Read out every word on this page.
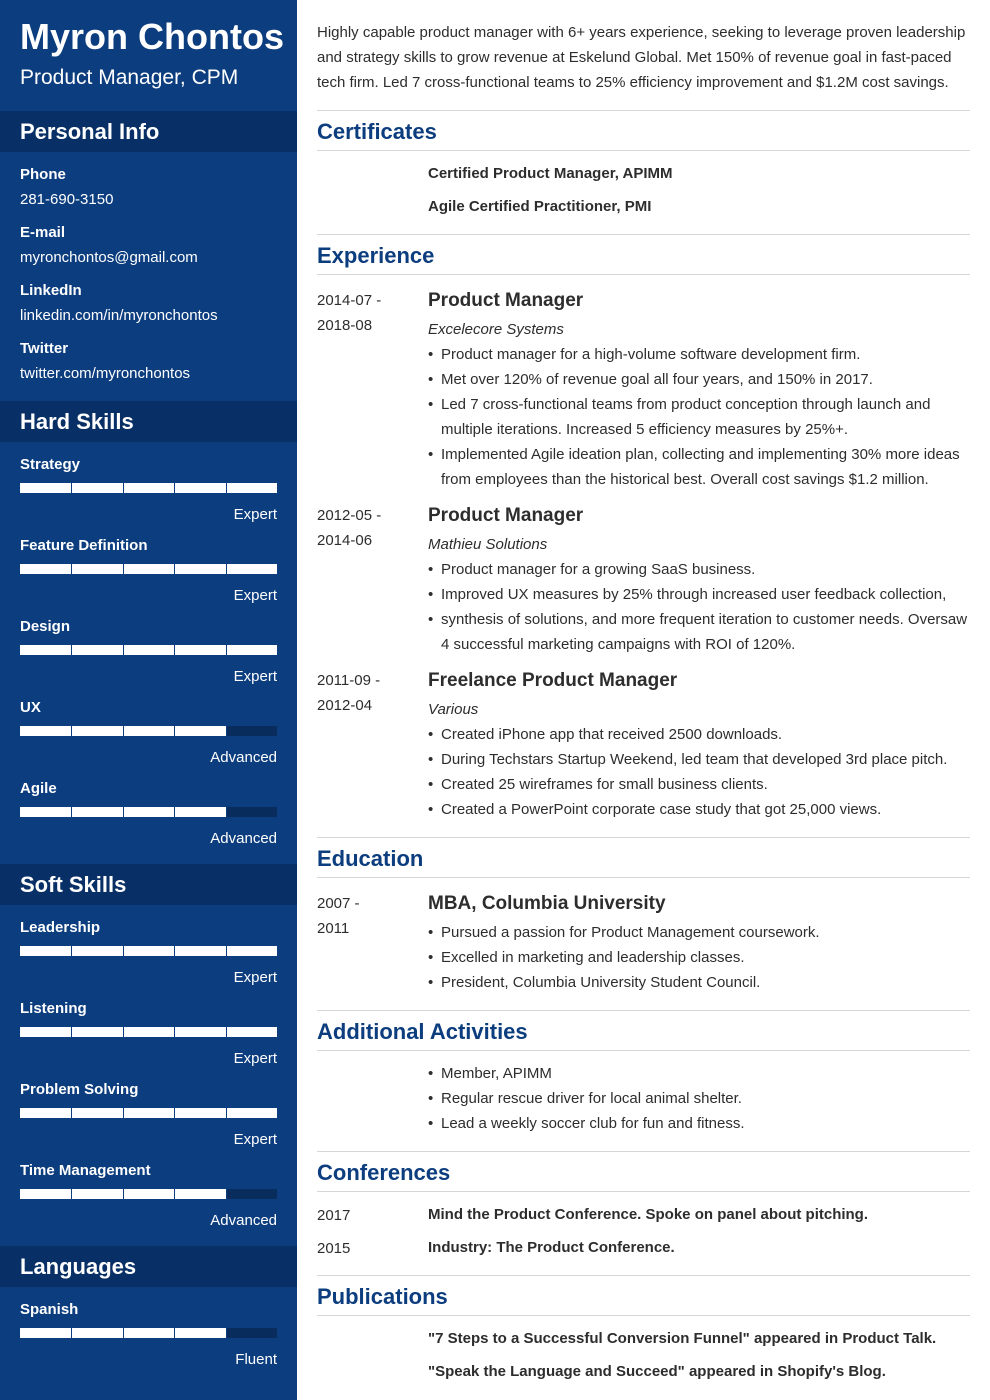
Myron Chontos
Product Manager, CPM
Personal Info
Phone
281-690-3150
E-mail
myronchontos@gmail.com
LinkedIn
linkedin.com/in/myronchontos
Twitter
twitter.com/myronchontos
Hard Skills
Strategy
Expert
Feature Definition
Expert
Design
Expert
UX
Advanced
Agile
Advanced
Soft Skills
Leadership
Expert
Listening
Expert
Problem Solving
Expert
Time Management
Advanced
Languages
Spanish
Fluent
Highly capable product manager with 6+ years experience, seeking to leverage proven leadership and strategy skills to grow revenue at Eskelund Global. Met 150% of revenue goal in fast-paced tech firm. Led 7 cross-functional teams to 25% efficiency improvement and $1.2M cost savings.
Certificates
Certified Product Manager, APIMM
Agile Certified Practitioner, PMI
Experience
2014-07 -
2018-08
Product Manager
Excelecore Systems
• Product manager for a high-volume software development firm.
• Met over 120% of revenue goal all four years, and 150% in 2017.
• Led 7 cross-functional teams from product conception through launch and multiple iterations. Increased 5 efficiency measures by 25%+.
• Implemented Agile ideation plan, collecting and implementing 30% more ideas from employees than the historical best. Overall cost savings $1.2 million.
2012-05 -
2014-06
Product Manager
Mathieu Solutions
• Product manager for a growing SaaS business.
• Improved UX measures by 25% through increased user feedback collection,
• synthesis of solutions, and more frequent iteration to customer needs. Oversaw 4 successful marketing campaigns with ROI of 120%.
2011-09 -
2012-04
Freelance Product Manager
Various
• Created iPhone app that received 2500 downloads.
• During Techstars Startup Weekend, led team that developed 3rd place pitch.
• Created 25 wireframes for small business clients.
• Created a PowerPoint corporate case study that got 25,000 views.
Education
2007 -
2011
MBA, Columbia University
• Pursued a passion for Product Management coursework.
• Excelled in marketing and leadership classes.
• President, Columbia University Student Council.
Additional Activities
• Member, APIMM
• Regular rescue driver for local animal shelter.
• Lead a weekly soccer club for fun and fitness.
Conferences
2017	Mind the Product Conference. Spoke on panel about pitching.
2015	Industry: The Product Conference.
Publications
"7 Steps to a Successful Conversion Funnel" appeared in Product Talk.
"Speak the Language and Succeed" appeared in Shopify's Blog.
